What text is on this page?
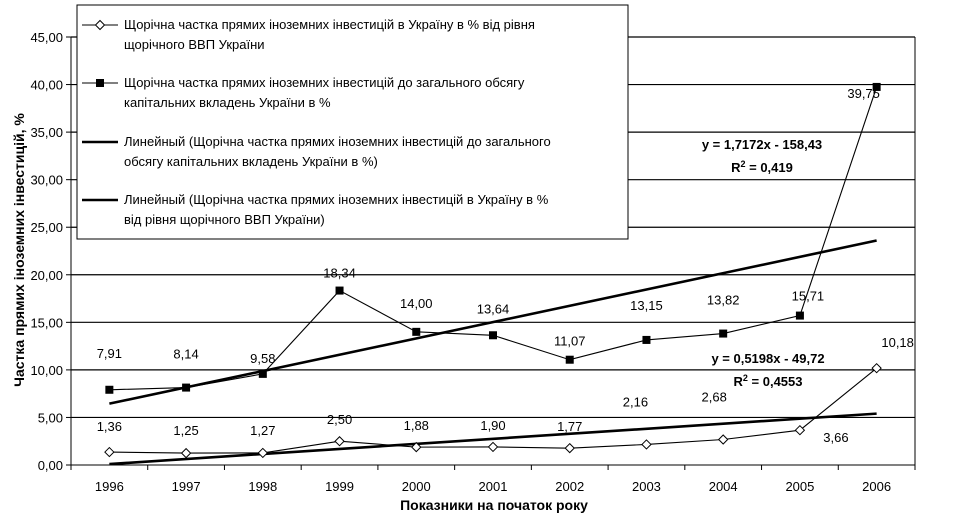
0,00
5,00
10,00
15,00
20,00
25,00
30,00
35,00
40,00
45,00
1996	1997	1998	1999	2000	2001	2002	2003	2004	2005	2006
1,36	1,25	1,27
2,50	1,88	1,90	1,77
2,16	2,68
3,66
10,18
7,91	8,14	9,58
18,34
14,00	13,64
11,07
13,15	13,82	15,71
39,75
y = 1,7172x - 158,43
$R^2 = 0,419$
y = 0,5198x - 49,72
$R^2 = 0,4553$
Щорічна частка прямих іноземних інвестицій в Україну в % від рівня
щорічного ВВП України
Щорічна частка прямих іноземних інвестицій до загального обсягу
капітальних вкладень України в %
Линейный (Щорічна частка прямих іноземних інвестицій до загального
обсягу капітальних вкладень України в %)
Линейный (Щорічна частка прямих іноземних інвестицій в Україну в %
від рівня щорічного ВВП України)
Показники на початок року
Частка прямих іноземних інвестицій, %
